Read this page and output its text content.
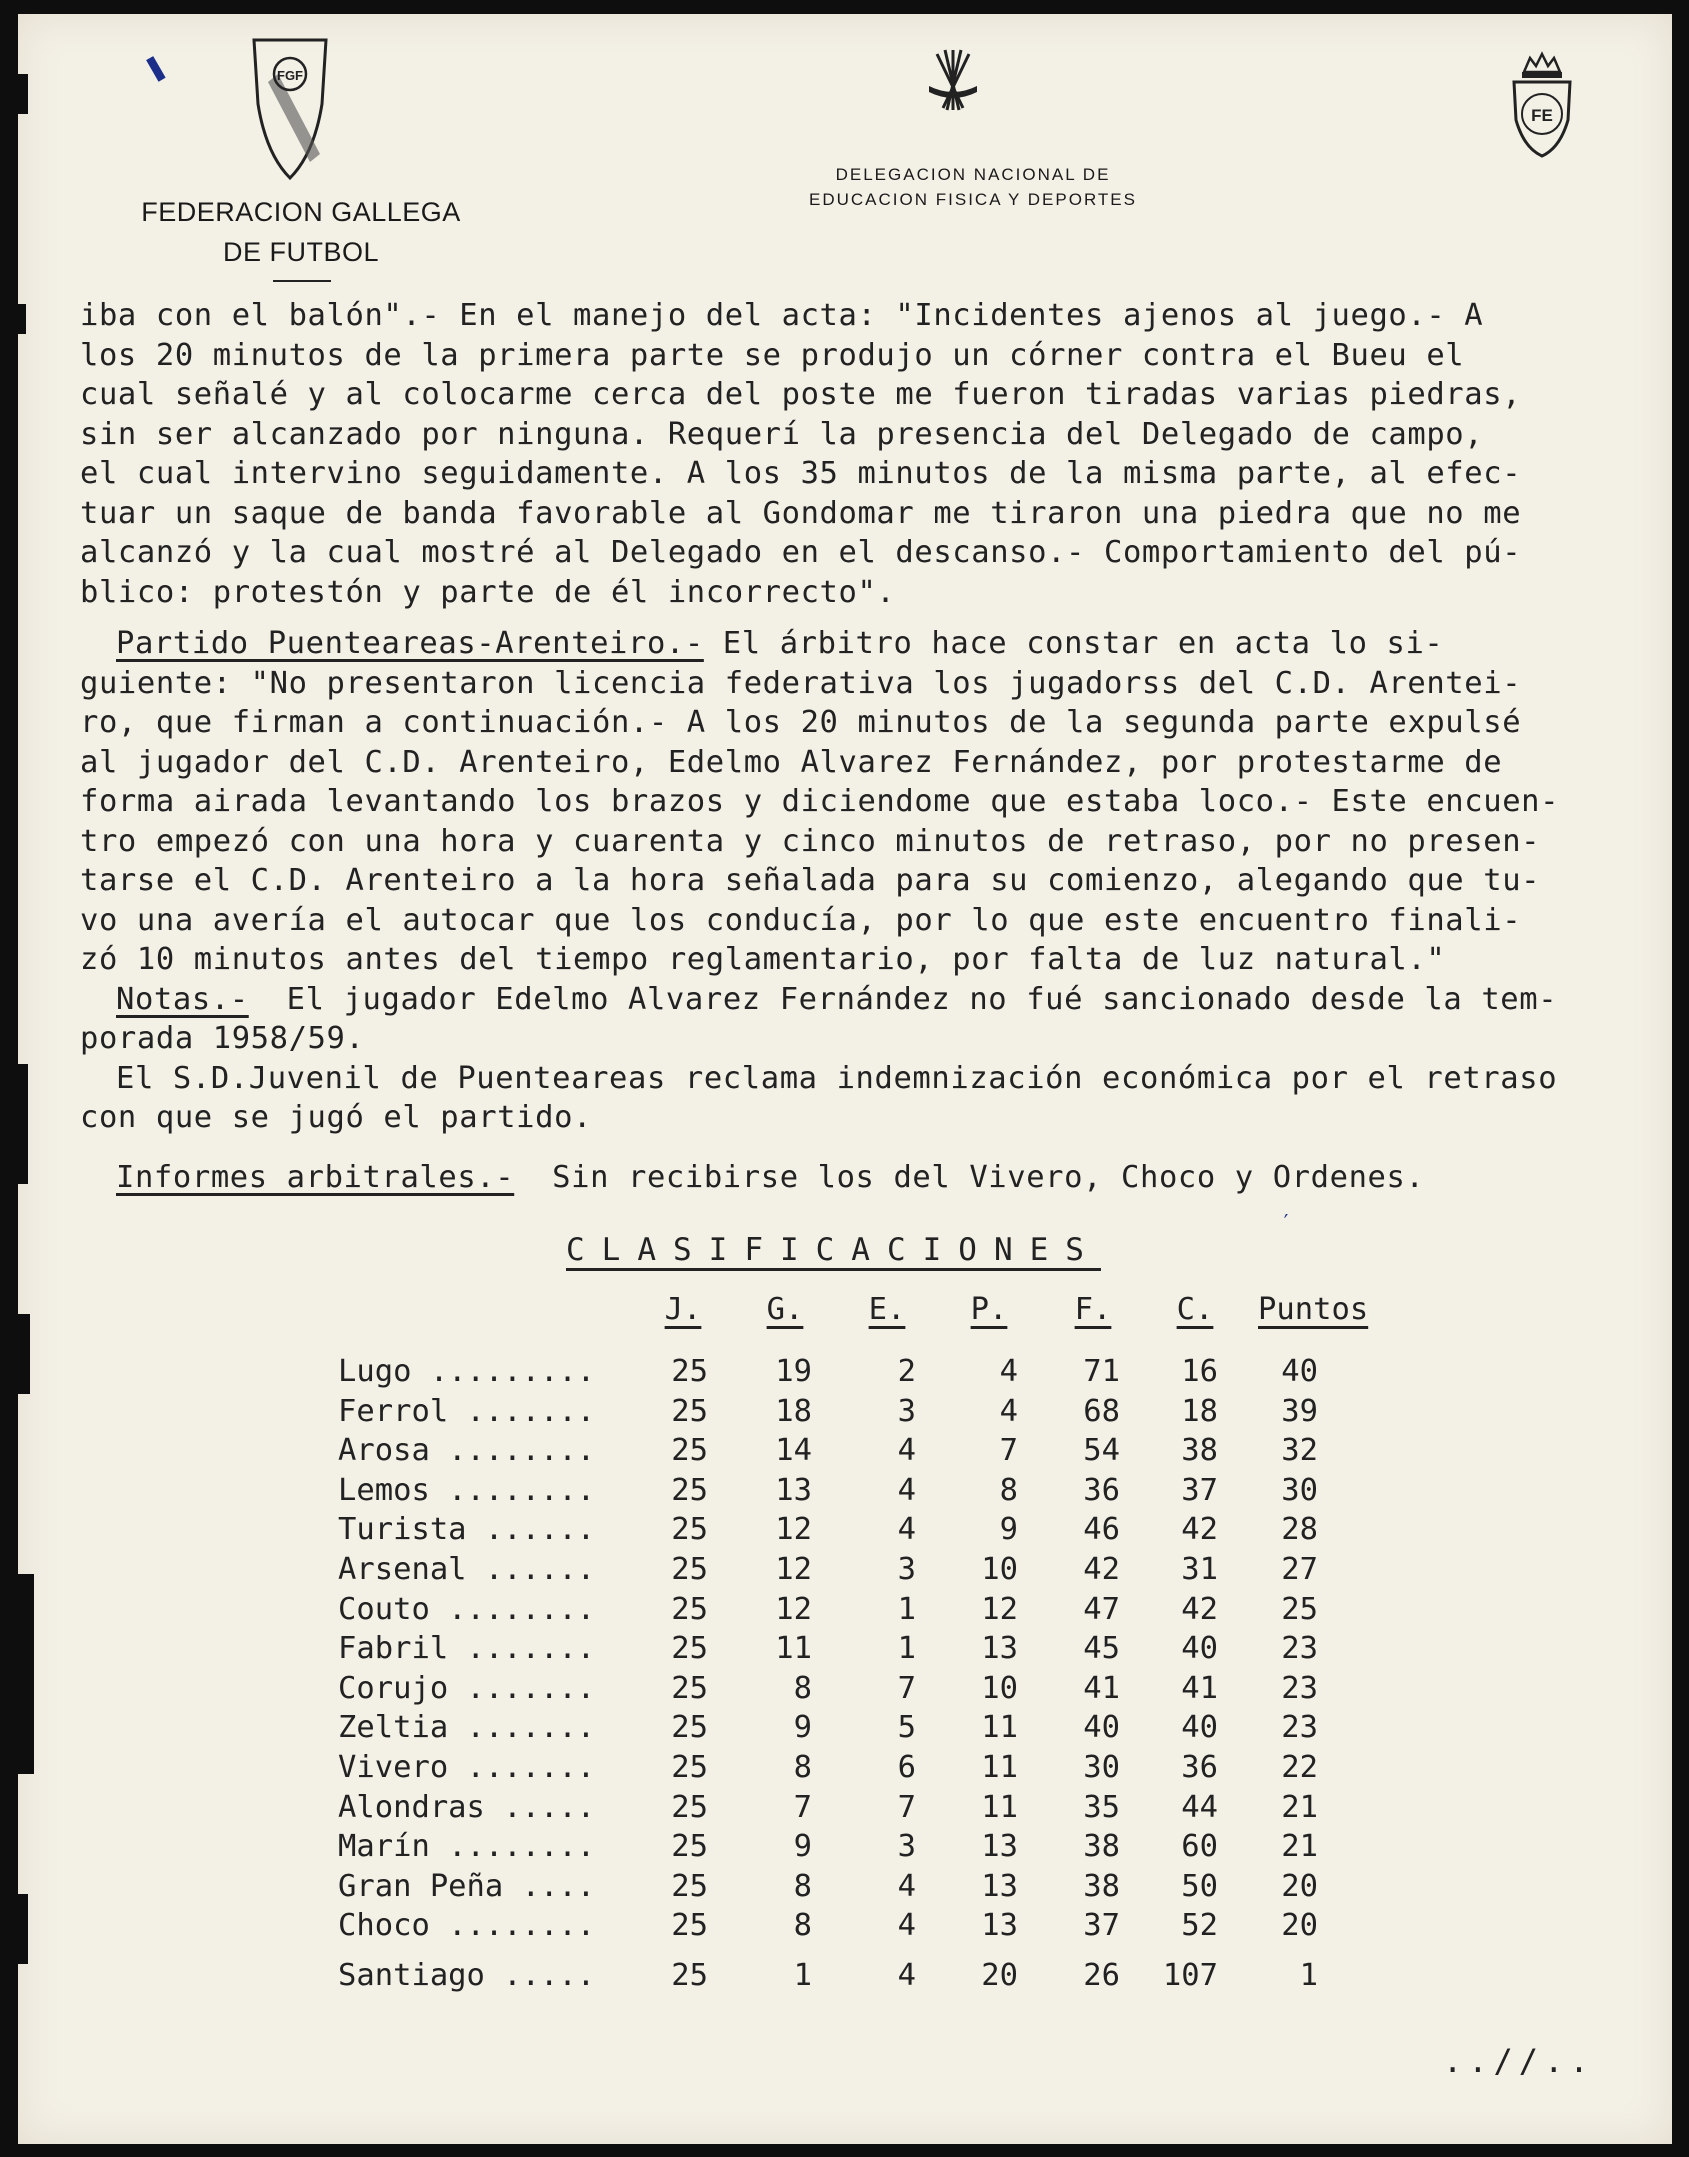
FGF
FE
FEDERACION GALLEGA
DE FUTBOL
DELEGACION NACIONAL DE
EDUCACION FISICA Y DEPORTES
❚
′
iba con el balón".- En el manejo del acta: "Incidentes ajenos al juego.- A
los 20 minutos de la primera parte se produjo un córner contra el Bueu el
cual señalé y al colocarme cerca del poste me fueron tiradas varias piedras,
sin ser alcanzado por ninguna. Requerí la presencia del Delegado de campo,
el cual intervino seguidamente. A los 35 minutos de la misma parte, al efec-
tuar un saque de banda favorable al Gondomar me tiraron una piedra que no me
alcanzó y la cual mostré al Delegado en el descanso.- Comportamiento del pú-
blico: protestón y parte de él incorrecto".
Partido Puenteareas-Arenteiro.- El árbitro hace constar en acta lo si-
guiente: "No presentaron licencia federativa los jugadorss del C.D. Arentei-
ro, que firman a continuación.- A los 20 minutos de la segunda parte expulsé
al jugador del C.D. Arenteiro, Edelmo Alvarez Fernández, por protestarme de
forma airada levantando los brazos y diciendome que estaba loco.- Este encuen-
tro empezó con una hora y cuarenta y cinco minutos de retraso, por no presen-
tarse el C.D. Arenteiro a la hora señalada para su comienzo, alegando que tu-
vo una avería el autocar que los conducía, por lo que este encuentro finali-
zó 10 minutos antes del tiempo reglamentario, por falta de luz natural."
Notas.-  El jugador Edelmo Alvarez Fernández no fué sancionado desde la tem-
porada 1958/59.
El S.D.Juvenil de Puenteareas reclama indemnización económica por el retraso
con que se jugó el partido.
Informes arbitrales.-  Sin recibirse los del Vivero, Choco y Ordenes.
CLASIFICACIONES
J.	G.	E.	P.	F.	C.	Puntos
Lugo .........	25	19	2	4	71	16	40
Ferrol .......	25	18	3	4	68	18	39
Arosa ........	25	14	4	7	54	38	32
Lemos ........	25	13	4	8	36	37	30
Turista ......	25	12	4	9	46	42	28
Arsenal ......	25	12	3	10	42	31	27
Couto ........	25	12	1	12	47	42	25
Fabril .......	25	11	1	13	45	40	23
Corujo .......	25	8	7	10	41	41	23
Zeltia .......	25	9	5	11	40	40	23
Vivero .......	25	8	6	11	30	36	22
Alondras .....	25	7	7	11	35	44	21
Marín ........	25	9	3	13	38	60	21
Gran Peña ....	25	8	4	13	38	50	20
Choco ........	25	8	4	13	37	52	20
Santiago .....	25	1	4	20	26	107	1
..//..
